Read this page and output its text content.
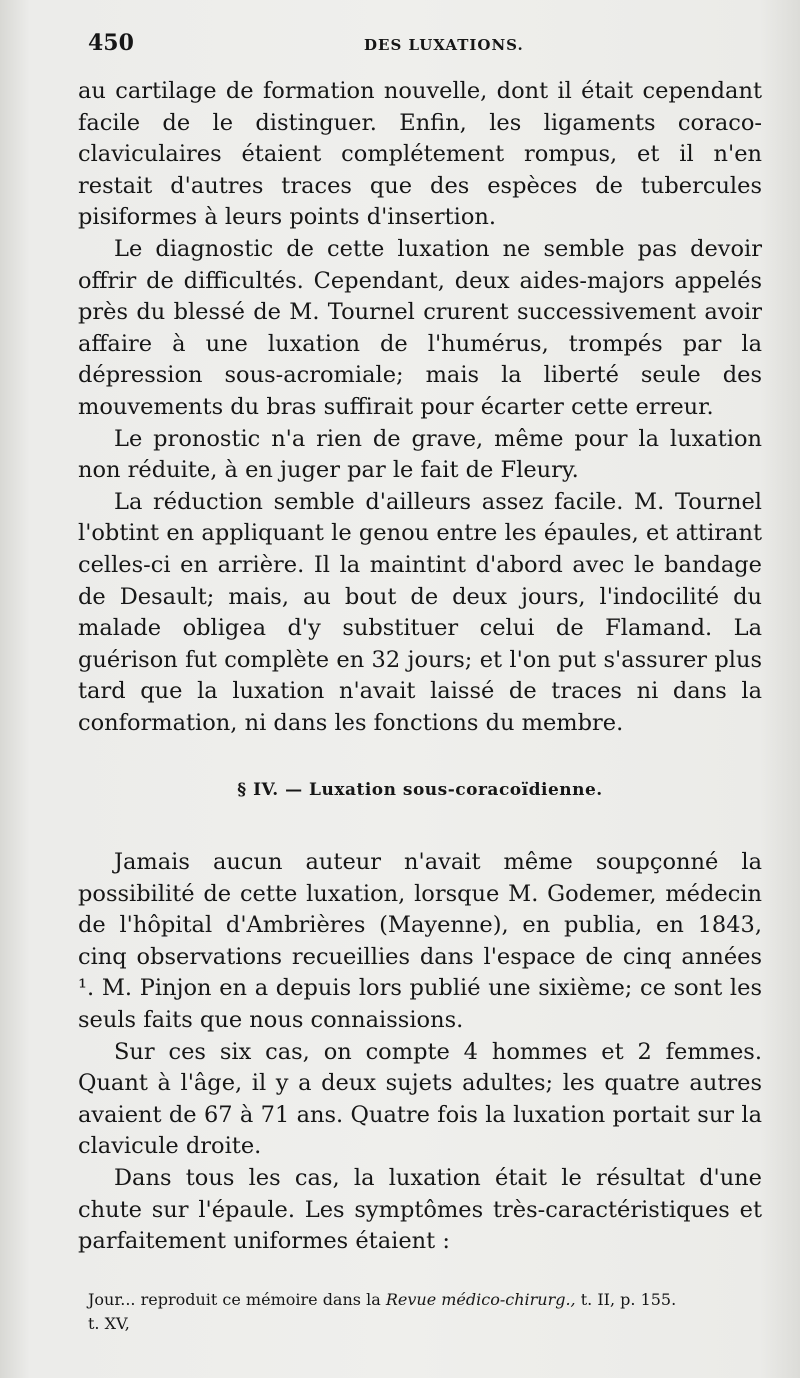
450	DES LUXATIONS.

au cartilage de formation nouvelle, dont il était cependant facile de le distinguer. Enfin, les ligaments coraco-claviculaires étaient complétement rompus, et il n'en restait d'autres traces que des espèces de tubercules pisiformes à leurs points d'insertion.

Le diagnostic de cette luxation ne semble pas devoir offrir de difficultés. Cependant, deux aides-majors appelés près du blessé de M. Tournel crurent successivement avoir affaire à une luxation de l'humérus, trompés par la dépression sous-acromiale; mais la liberté seule des mouvements du bras suffirait pour écarter cette erreur.

Le pronostic n'a rien de grave, même pour la luxation non réduite, à en juger par le fait de Fleury.

La réduction semble d'ailleurs assez facile. M. Tournel l'obtint en appliquant le genou entre les épaules, et attirant celles-ci en arrière. Il la maintint d'abord avec le bandage de Desault; mais, au bout de deux jours, l'indocilité du malade obligea d'y substituer celui de Flamand. La guérison fut complète en 32 jours; et l'on put s'assurer plus tard que la luxation n'avait laissé de traces ni dans la conformation, ni dans les fonctions du membre.

§ IV. — Luxation sous-coracoïdienne.

Jamais aucun auteur n'avait même soupçonné la possibilité de cette luxation, lorsque M. Godemer, médecin de l'hôpital d'Ambrières (Mayenne), en publia, en 1843, cinq observations recueillies dans l'espace de cinq années ¹. M. Pinjon en a depuis lors publié une sixième; ce sont les seuls faits que nous connaissions.

Sur ces six cas, on compte 4 hommes et 2 femmes. Quant à l'âge, il y a deux sujets adultes; les quatre autres avaient de 67 à 71 ans. Quatre fois la luxation portait sur la clavicule droite.

Dans tous les cas, la luxation était le résultat d'une chute sur l'épaule. Les symptômes très-caractéristiques et parfaitement uniformes étaient :

Jour... reproduit ce mémoire dans la Revue médico-chirurg., t. II, p. 155.
t. XV,
